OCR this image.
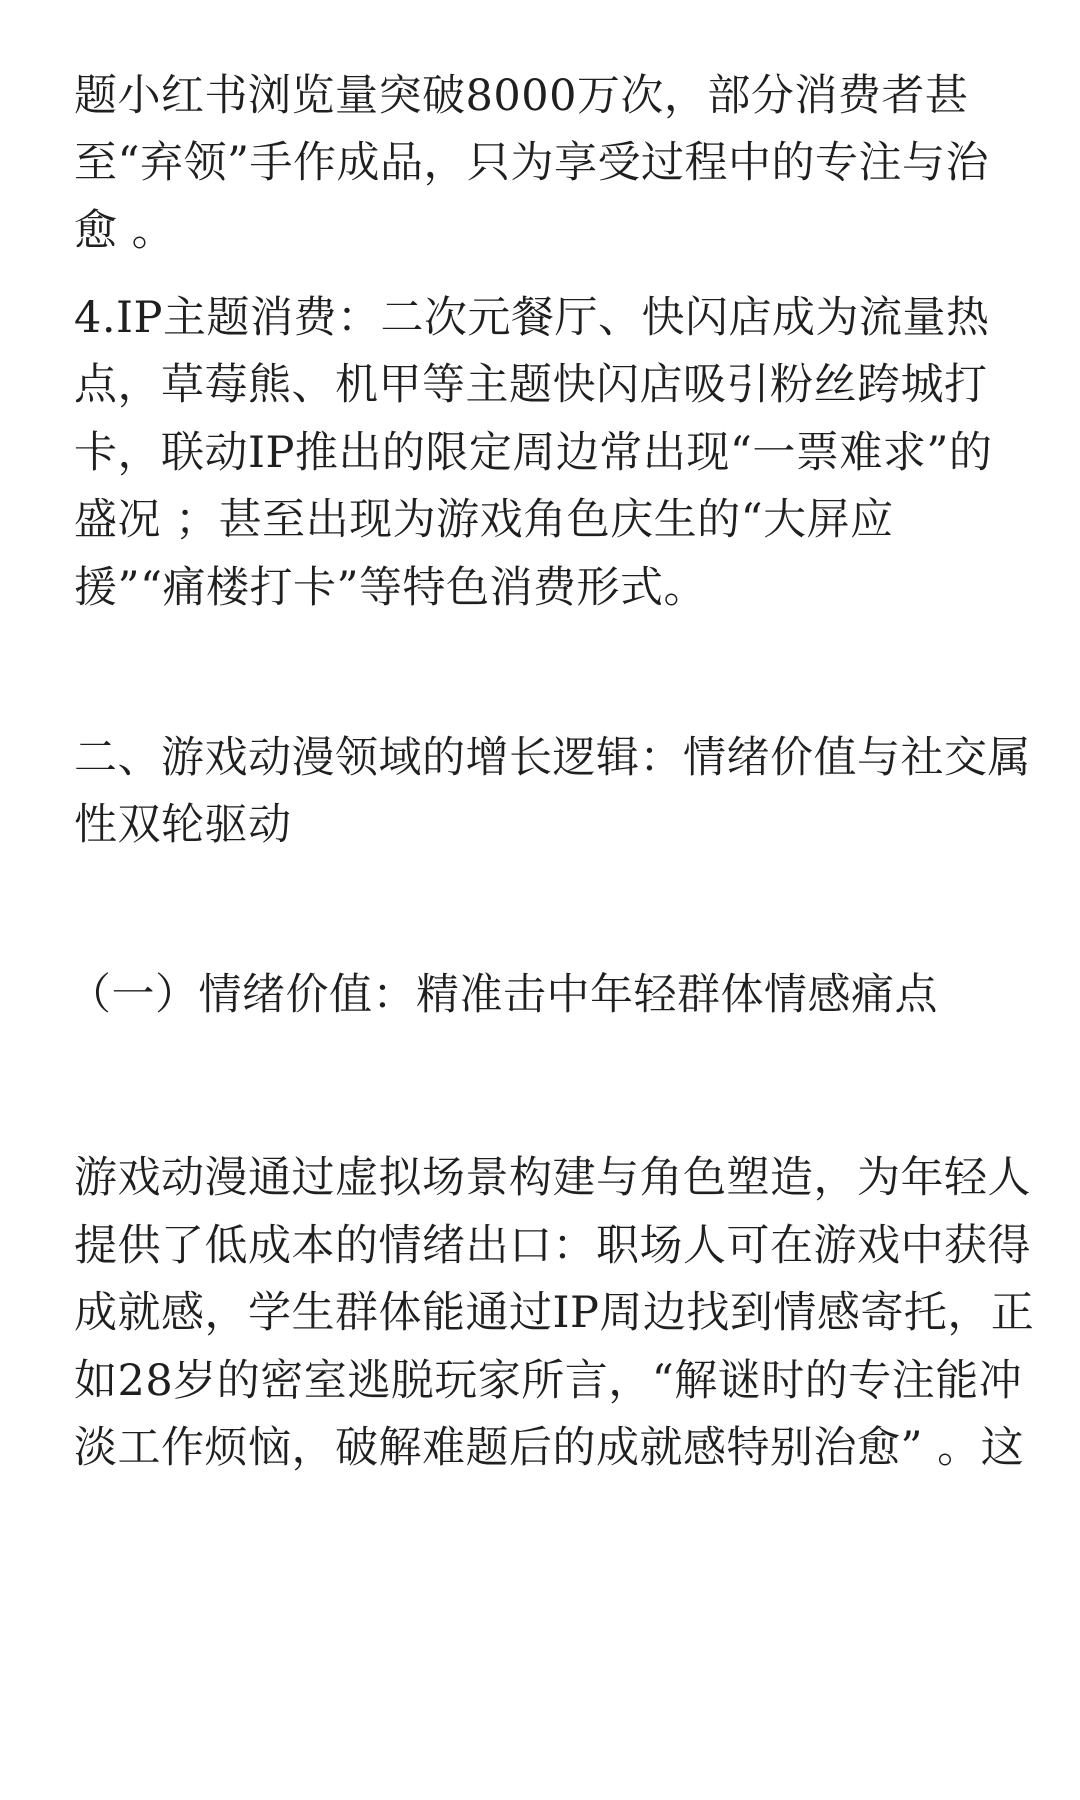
题小红书浏览量突破8000万次，部分消费者甚
至“弃领”手作成品，只为享受过程中的专注与治
愈 。
4.IP主题消费：二次元餐厅、快闪店成为流量热
点，草莓熊、机甲等主题快闪店吸引粉丝跨城打
卡，联动IP推出的限定周边常出现“一票难求”的
盛况 ；甚至出现为游戏角色庆生的“大屏应
援”“痛楼打卡”等特色消费形式。
二、游戏动漫领域的增长逻辑：情绪价值与社交属
性双轮驱动
（一）情绪价值：精准击中年轻群体情感痛点
游戏动漫通过虚拟场景构建与角色塑造，为年轻人
提供了低成本的情绪出口：职场人可在游戏中获得
成就感，学生群体能通过IP周边找到情感寄托，正
如28岁的密室逃脱玩家所言，“解谜时的专注能冲
淡工作烦恼，破解难题后的成就感特别治愈” 。这
